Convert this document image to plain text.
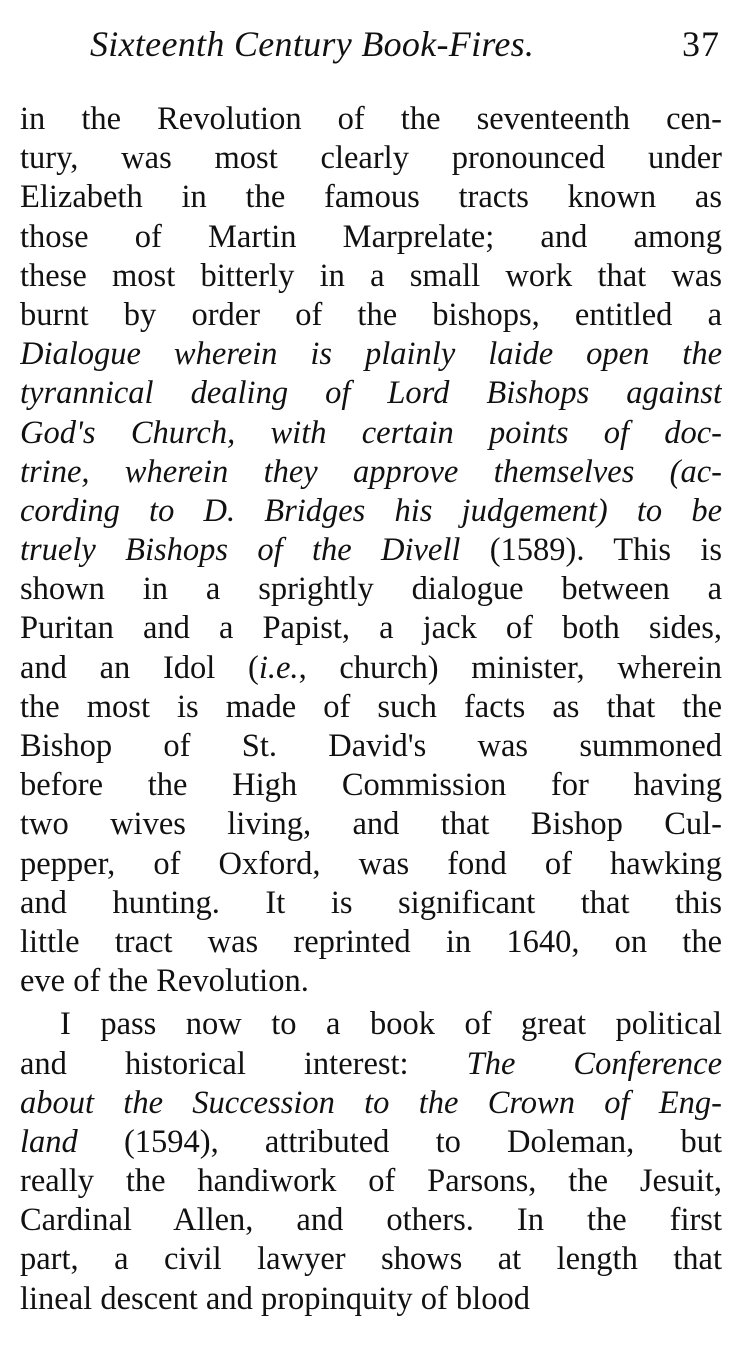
Sixteenth Century Book-Fires.	37
in the Revolution of the seventeenth cen-
tury, was most clearly pronounced under
Elizabeth in the famous tracts known as
those of Martin Marprelate; and among
these most bitterly in a small work that was
burnt by order of the bishops, entitled a
Dialogue wherein is plainly laide open the
tyrannical dealing of Lord Bishops against
God's Church, with certain points of doc-
trine, wherein they approve themselves (ac-
cording to D. Bridges his judgement) to be
truely Bishops of the Divell (1589). This is
shown in a sprightly dialogue between a
Puritan and a Papist, a jack of both sides,
and an Idol (i.e., church) minister, wherein
the most is made of such facts as that the
Bishop of St. David's was summoned
before the High Commission for having
two wives living, and that Bishop Cul-
pepper, of Oxford, was fond of hawking
and hunting. It is significant that this
little tract was reprinted in 1640, on the
eve of the Revolution.
I pass now to a book of great political
and historical interest: The Conference
about the Succession to the Crown of Eng-
land (1594), attributed to Doleman, but
really the handiwork of Parsons, the Jesuit,
Cardinal Allen, and others. In the first
part, a civil lawyer shows at length that
lineal descent and propinquity of blood
